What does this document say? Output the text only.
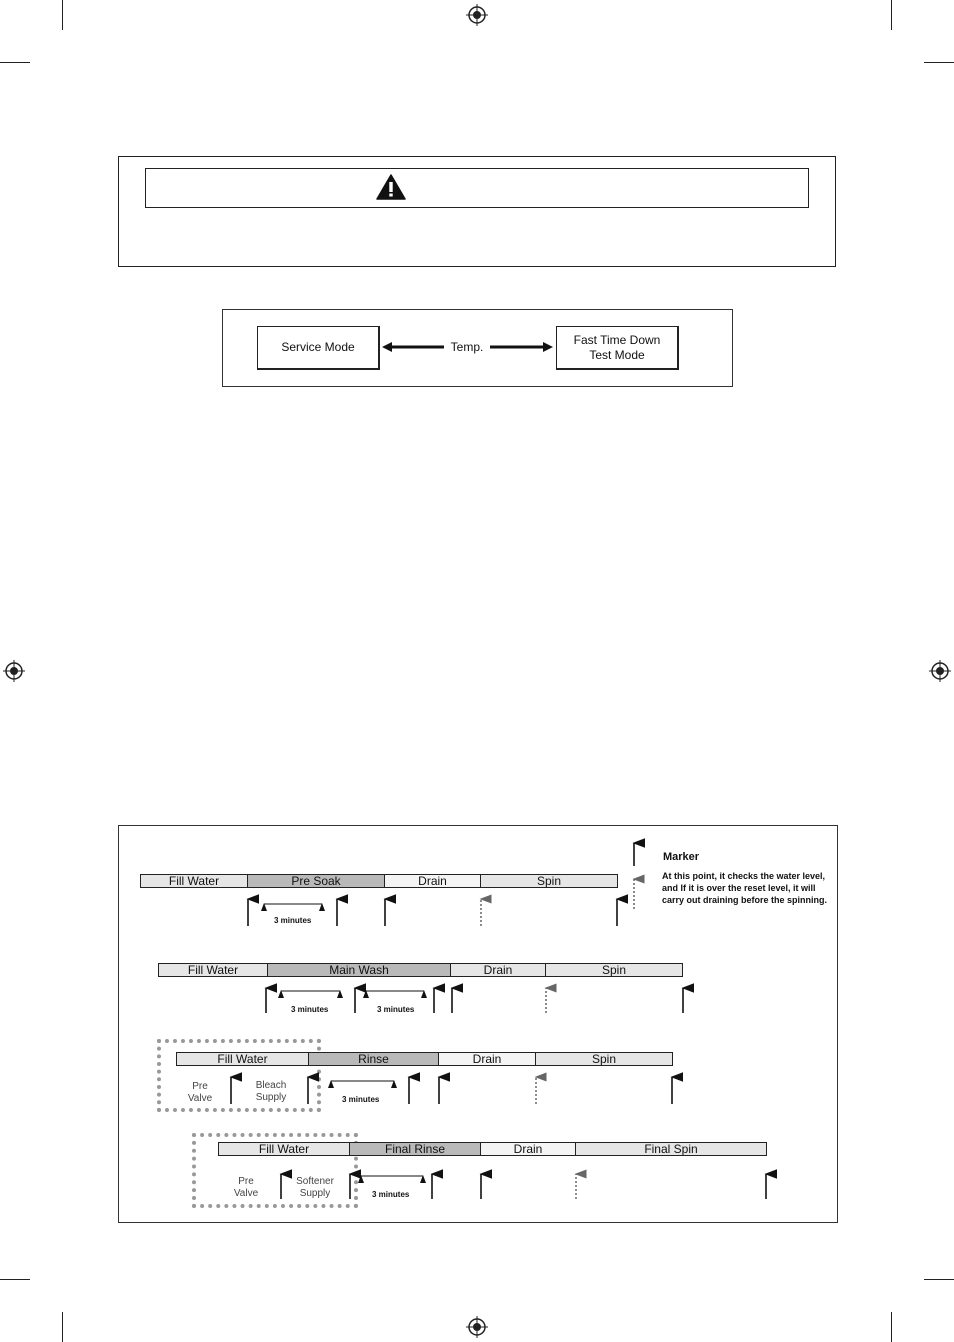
Service Mode
Fast Time Down
Test Mode
Temp.
Fill Water	Pre Soak	Drain	Spin
3 minutes
Fill Water	Main Wash	Drain	Spin
3 minutes	3 minutes
Fill Water	Rinse	Drain	Spin
Pre
Valve
Bleach
Supply	3 minutes
Fill Water	Final Rinse	Drain	Final Spin
Pre
Valve
Softener
Supply	3 minutes
Marker
At this point, it checks the water level, and If it is over the reset level, it will carry out draining before the spinning.
